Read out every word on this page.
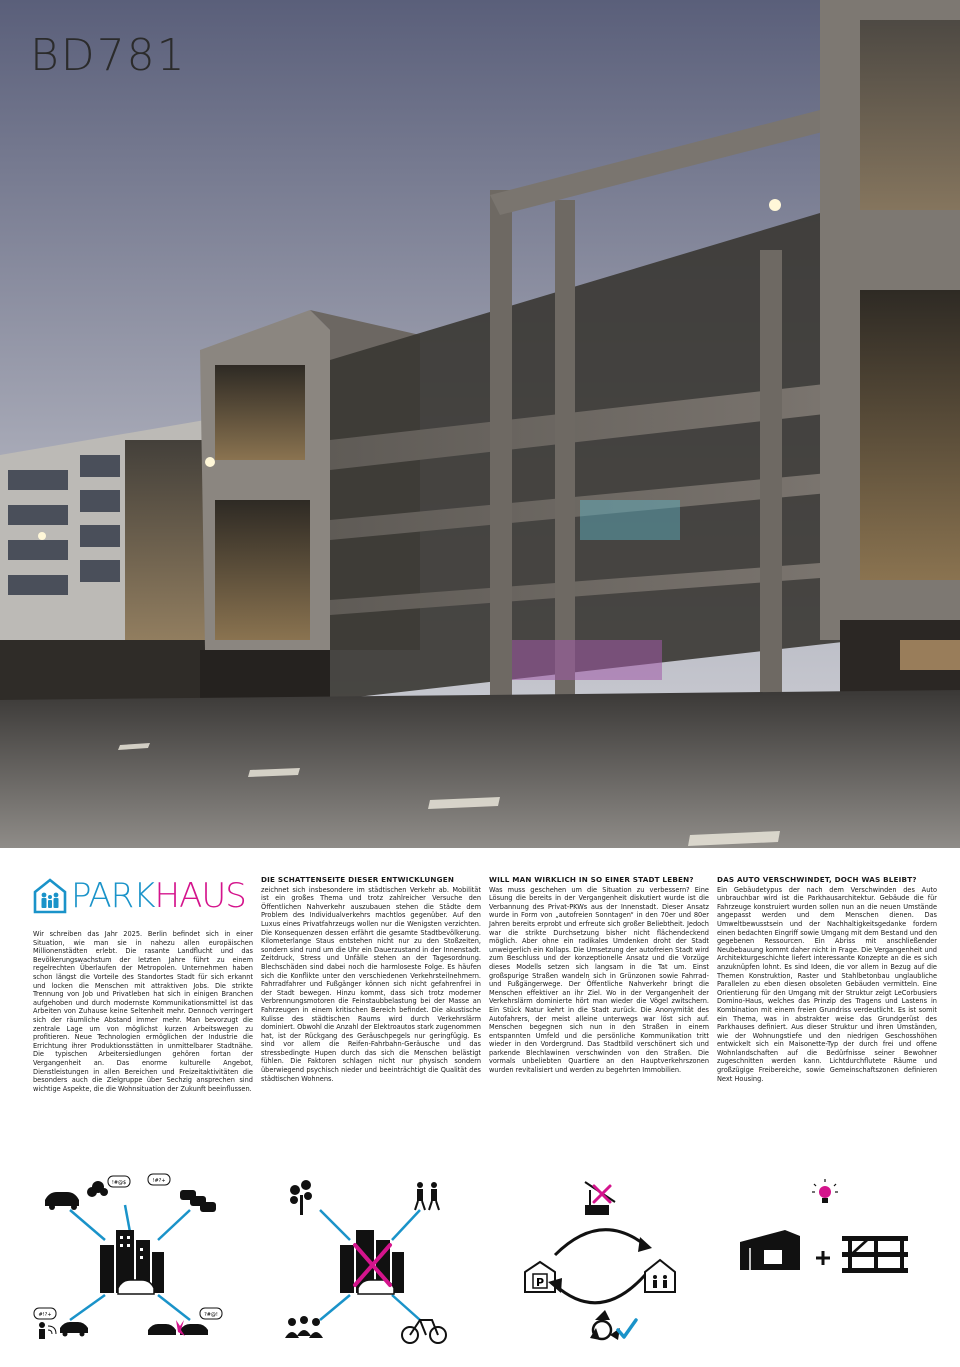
BD781
PARKHAUS

Wir schreiben das Jahr 2025. Berlin befindet sich in einer Situation, wie man sie in nahezu allen europäischen Millionenstädten erlebt. Die rasante Landflucht und das Bevölkerungswachstum der letzten Jahre führt zu einem regelrechten Überlaufen der Metropolen. Unternehmen haben schon längst die Vorteile des Standortes Stadt für sich erkannt und locken die Menschen mit attraktiven Jobs. Die strikte Trennung von Job und Privatleben hat sich in einigen Branchen aufgehoben und durch modernste Kommunikationsmittel ist das Arbeiten von Zuhause keine Seltenheit mehr. Dennoch verringert sich der räumliche Abstand immer mehr. Man bevorzugt die zentrale Lage um von möglichst kurzen Arbeitswegen zu profitieren. Neue Technologien ermöglichen der Industrie die Errichtung ihrer Produktionsstätten in unmittelbarer Stadtnähe. Die typischen Arbeitersiedlungen gehören fortan der Vergangenheit an. Das enorme kulturelle Angebot, Dienstleistungen in allen Bereichen und Freizeitaktivitäten die besonders auch die Zielgruppe über Sechzig ansprechen sind wichtige Aspekte, die die Wohnsituation der Zukunft beeinflussen.

DIE SCHATTENSEITE DIESER ENTWICKLUNGEN

zeichnet sich insbesondere im städtischen Verkehr ab. Mobilität ist ein großes Thema und trotz zahlreicher Versuche den Öffentlichen Nahverkehr auszubauen stehen die Städte dem Problem des Individualverkehrs machtlos gegenüber. Auf den Luxus eines Privatfahrzeugs wollen nur die Wenigsten verzichten. Die Konsequenzen dessen erfährt die gesamte Stadtbevölkerung. Kilometerlange Staus entstehen nicht nur zu den Stoßzeiten, sondern sind rund um die Uhr ein Dauerzustand in der Innenstadt. Zeitdruck, Stress und Unfälle stehen an der Tagesordnung. Blechschäden sind dabei noch die harmloseste Folge. Es häufen sich die Konflikte unter den verschiedenen Verkehrsteilnehmern. Fahrradfahrer und Fußgänger können sich nicht gefahrenfrei in der Stadt bewegen. Hinzu kommt, dass sich trotz moderner Verbrennungsmotoren die Feinstaubbelastung bei der Masse an Fahrzeugen in einem kritischen Bereich befindet. Die akustische Kulisse des städtischen Raums wird durch Verkehrslärm dominiert. Obwohl die Anzahl der Elektroautos stark zugenommen hat, ist der Rückgang des Geräuschpegels nur geringfügig. Es sind vor allem die Reifen-Fahrbahn-Geräusche und das stressbedingte Hupen durch das sich die Menschen belästigt fühlen. Die Faktoren schlagen nicht nur physisch sondern überwiegend psychisch nieder und beeinträchtigt die Qualität des städtischen Wohnens.

WILL MAN WIRKLICH IN SO EINER STADT LEBEN?

Was muss geschehen um die Situation zu verbessern? Eine Lösung die bereits in der Vergangenheit diskutiert wurde ist die Verbannung des Privat-PKWs aus der Innenstadt. Dieser Ansatz wurde in Form von „autofreien Sonntagen“ in den 70er und 80er Jahren bereits erprobt und erfreute sich großer Beliebtheit. Jedoch war die strikte Durchsetzung bisher nicht flächendeckend möglich. Aber ohne ein radikales Umdenken droht der Stadt unweigerlich ein Kollaps. Die Umsetzung der autofreien Stadt wird zum Beschluss und der konzeptionelle Ansatz und die Vorzüge dieses Modells setzen sich langsam in die Tat um. Einst großspurige Straßen wandeln sich in Grünzonen sowie Fahrrad- und Fußgängerwege. Der Öffentliche Nahverkehr bringt die Menschen effektiver an ihr Ziel. Wo in der Vergangenheit der Verkehrslärm dominierte hört man wieder die Vögel zwitschern. Ein Stück Natur kehrt in die Stadt zurück. Die Anonymität des Autofahrers, der meist alleine unterwegs war löst sich auf. Menschen begegnen sich nun in den Straßen in einem entspannten Umfeld und die persönliche Kommunikation tritt wieder in den Vordergrund. Das Stadtbild verschönert sich und parkende Blechlawinen verschwinden von den Straßen. Die vormals unbeliebten Quartiere an den Hauptverkehrszonen wurden revitalisiert und werden zu begehrten Immobilien.

DAS AUTO VERSCHWINDET, DOCH WAS BLEIBT?

Ein Gebäudetypus der nach dem Verschwinden des Auto unbrauchbar wird ist die Parkhausarchitektur. Gebäude die für Fahrzeuge konstruiert wurden sollen nun an die neuen Umstände angepasst werden und dem Menschen dienen. Das Umweltbewusstsein und der Nachhaltigkeitsgedanke fordern einen bedachten Eingriff sowie Umgang mit dem Bestand und den gegebenen Ressourcen. Ein Abriss mit anschließender Neubebauung kommt daher nicht in Frage. Die Vergangenheit und Architekturgeschichte liefert interessante Konzepte an die es sich anzuknüpfen lohnt. Es sind Ideen, die vor allem in Bezug auf die Themen Konstruktion, Raster und Stahlbetonbau unglaubliche Parallelen zu eben diesen obsoleten Gebäuden vermitteln. Eine Orientierung für den Umgang mit der Struktur zeigt LeCorbusiers Domino-Haus, welches das Prinzip des Tragens und Lastens in Kombination mit einem freien Grundriss verdeutlicht. Es ist somit ein Thema, was in abstrakter weise das Grundgerüst des Parkhauses definiert. Aus dieser Struktur und ihren Umständen, wie der Wohnungstiefe und den niedrigen Geschosshöhen entwickelt sich ein Maisonette-Typ der durch frei und offene Wohnlandschaften auf die Bedürfnisse seiner Bewohner zugeschnitten werden kann. Lichtdurchflutete Räume und großzügige Freibereiche, sowie Gemeinschaftszonen definieren Next Housing.

!#@$	!#?+
#!?+	?#@!
P
